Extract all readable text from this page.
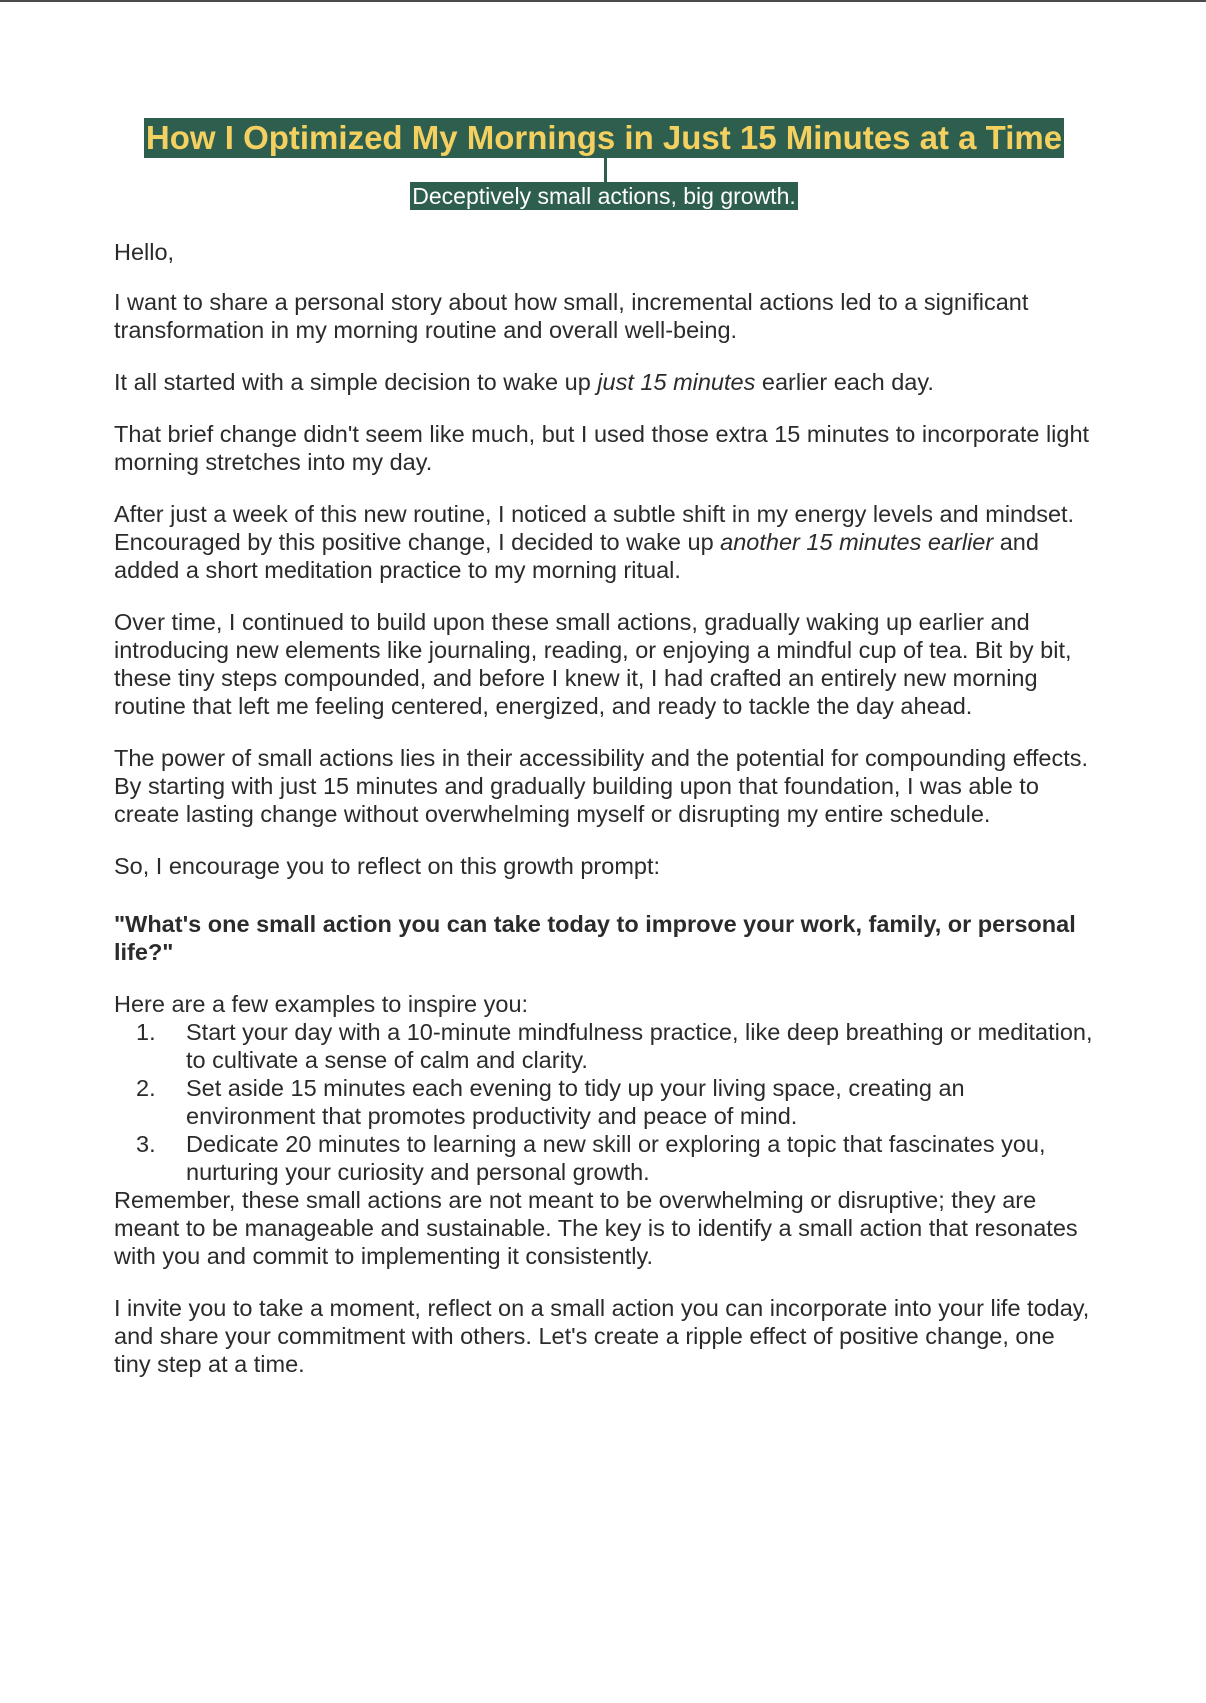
How I Optimized My Mornings in Just 15 Minutes at a Time
Deceptively small actions, big growth.

Hello,

I want to share a personal story about how small, incremental actions led to a significant transformation in my morning routine and overall well-being.

It all started with a simple decision to wake up just 15 minutes earlier each day.

That brief change didn't seem like much, but I used those extra 15 minutes to incorporate light morning stretches into my day.

After just a week of this new routine, I noticed a subtle shift in my energy levels and mindset. Encouraged by this positive change, I decided to wake up another 15 minutes earlier and added a short meditation practice to my morning ritual.

Over time, I continued to build upon these small actions, gradually waking up earlier and introducing new elements like journaling, reading, or enjoying a mindful cup of tea. Bit by bit, these tiny steps compounded, and before I knew it, I had crafted an entirely new morning routine that left me feeling centered, energized, and ready to tackle the day ahead.

The power of small actions lies in their accessibility and the potential for compounding effects. By starting with just 15 minutes and gradually building upon that foundation, I was able to create lasting change without overwhelming myself or disrupting my entire schedule.

So, I encourage you to reflect on this growth prompt:

"What's one small action you can take today to improve your work, family, or personal life?"

Here are a few examples to inspire you:

1. Start your day with a 10-minute mindfulness practice, like deep breathing or meditation, to cultivate a sense of calm and clarity.
2. Set aside 15 minutes each evening to tidy up your living space, creating an environment that promotes productivity and peace of mind.
3. Dedicate 20 minutes to learning a new skill or exploring a topic that fascinates you, nurturing your curiosity and personal growth.

Remember, these small actions are not meant to be overwhelming or disruptive; they are meant to be manageable and sustainable. The key is to identify a small action that resonates with you and commit to implementing it consistently.

I invite you to take a moment, reflect on a small action you can incorporate into your life today, and share your commitment with others. Let's create a ripple effect of positive change, one tiny step at a time.
